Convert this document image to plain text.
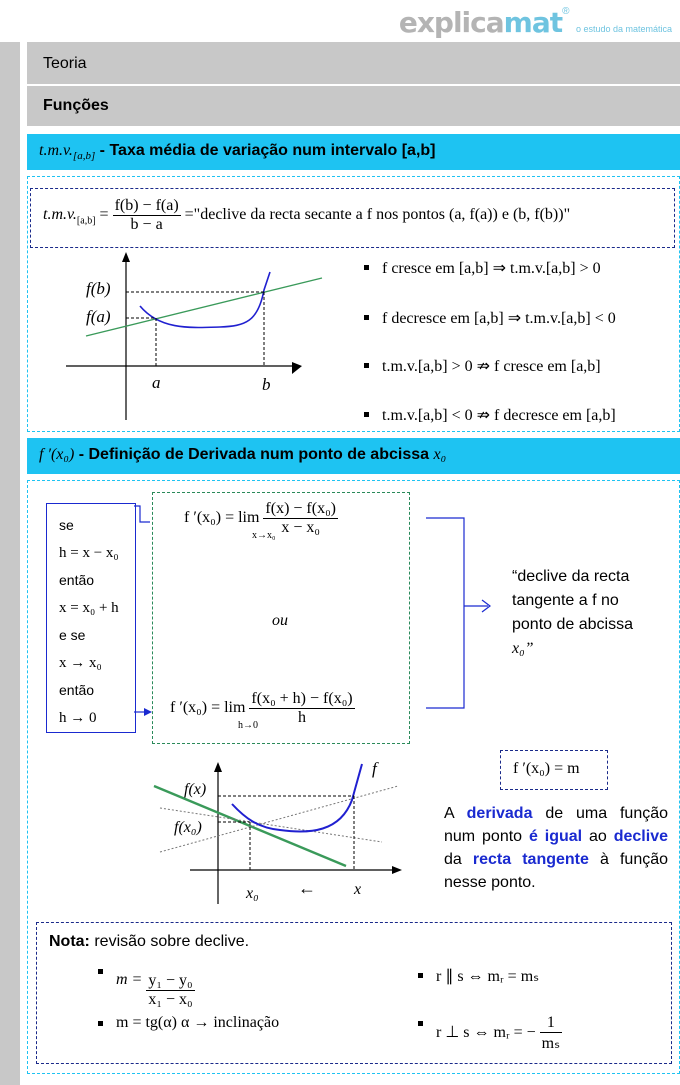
explicamat® o estudo da matemática
Teoria
Funções
$t.m.v._{[a,b]}$ - Taxa média de variação num intervalo [a,b]
$t.m.v._{[a,b]} = \frac{f(b) - f(a)}{b - a}$ ="declive da recta secante a f nos pontos (a, f(a)) e (b, f(b))"
f(b)
f(a)
a	b
f cresce em [a,b] ⇒ t.m.v.[a,b] > 0
f decresce em [a,b] ⇒ t.m.v.[a,b] < 0
t.m.v.[a,b] > 0 ⇏ f cresce em [a,b]
t.m.v.[a,b] < 0 ⇏ f decresce em [a,b]
f ′(x₀) - Definição de Derivada num ponto de abcissa x₀
se
h = x − x₀
então
x = x₀ + h
e se
x → x₀
então
h → 0
f ′(x₀) = lim
x→x₀

$\frac{\text{f(x) − f(x₀)}}{\text{x − x₀}}$
ou
f ′(x₀) = lim
h→0

$\frac{\text{f(x₀ + h) − f(x₀)}}{h}$
“declive da recta
tangente a f no
ponto de abcissa
x₀”
f ′(x₀) = m
f
f(x)
f(x₀)
x₀ ← x
A derivada de uma função num ponto é igual ao declive da recta tangente à função nesse ponto.
Nota: revisão sobre declive.
$m = \frac{\text{y₁ − y₀}}{\text{x₁ − x₀}}$
m = tg(α) α → inclinação
r ∥ s ⇔ mᵣ = mₛ
r ⊥ s ⇔ mᵣ = − $\frac{1}{\text{mₛ}}$
